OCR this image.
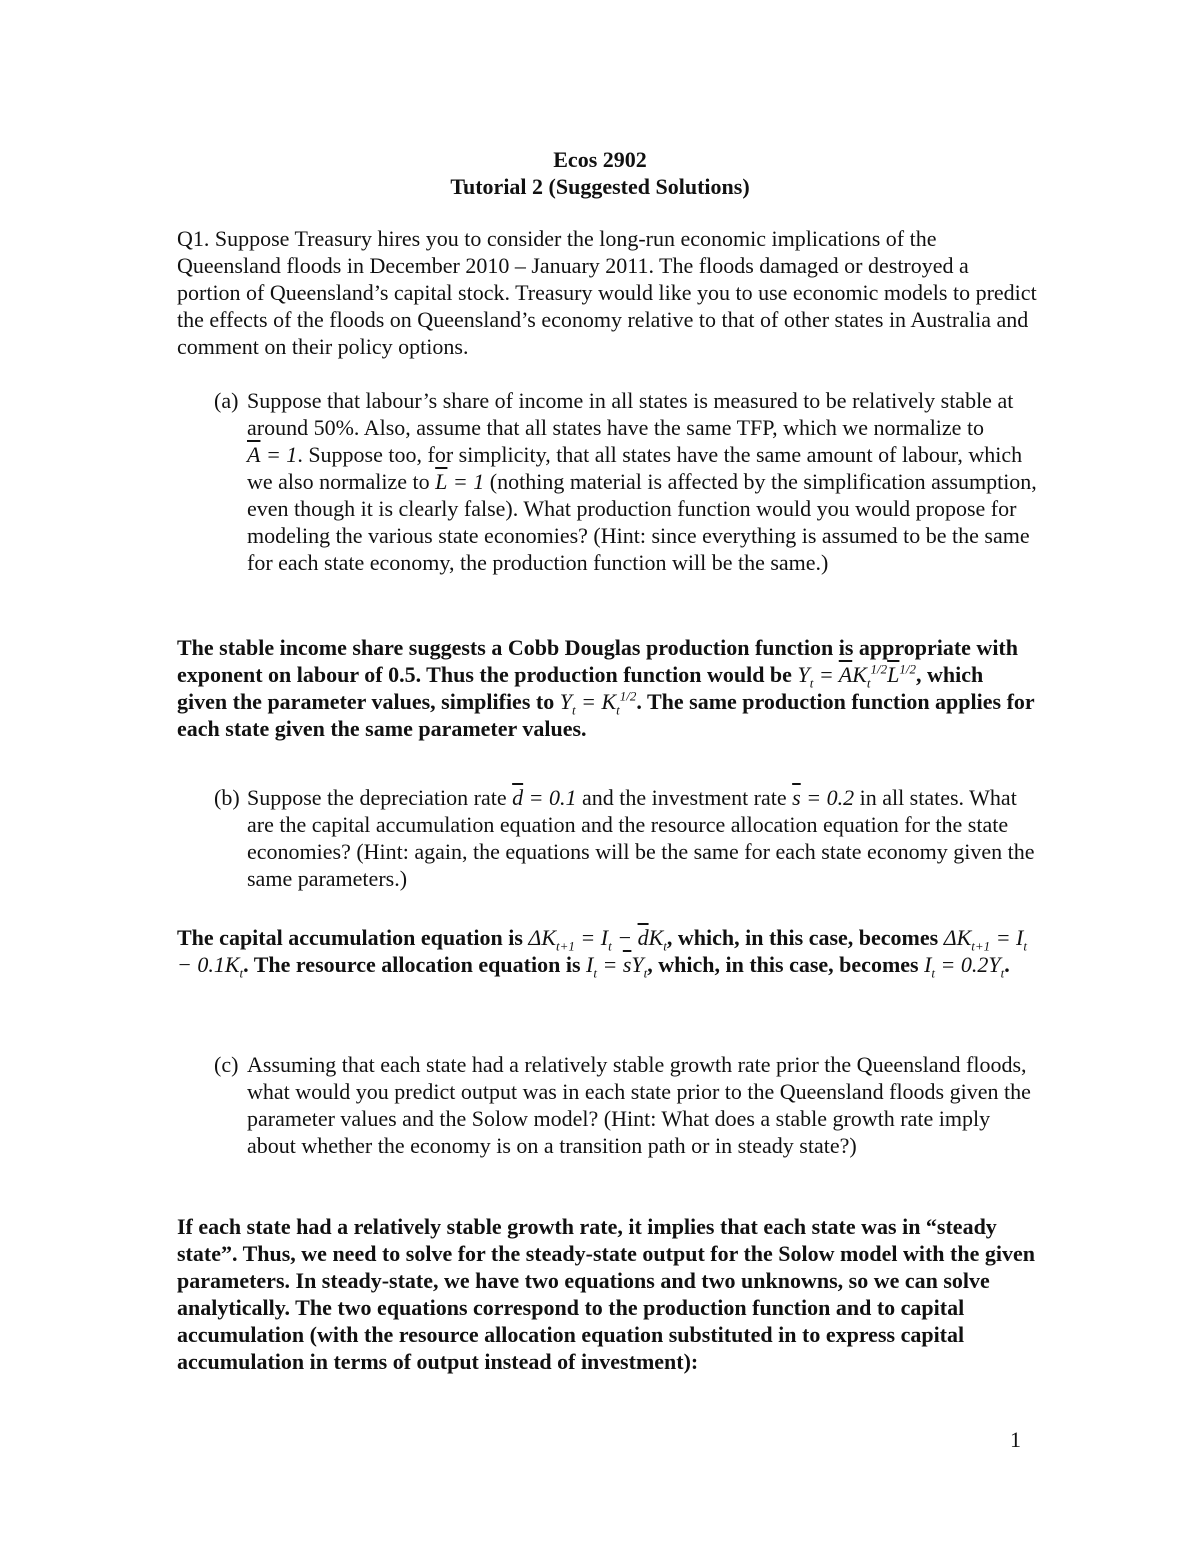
Ecos 2902
Tutorial 2 (Suggested Solutions)

Q1. Suppose Treasury hires you to consider the long-run economic implications of the Queensland floods in December 2010 – January 2011. The floods damaged or destroyed a portion of Queensland’s capital stock. Treasury would like you to use economic models to predict the effects of the floods on Queensland’s economy relative to that of other states in Australia and comment on their policy options.

(a) Suppose that labour’s share of income in all states is measured to be relatively stable at around 50%. Also, assume that all states have the same TFP, which we normalize to $\overline{A} = 1$. Suppose too, for simplicity, that all states have the same amount of labour, which we also normalize to $\overline{L} = 1$ (nothing material is affected by the simplification assumption, even though it is clearly false). What production function would you would propose for modeling the various state economies? (Hint: since everything is assumed to be the same for each state economy, the production function will be the same.)

The stable income share suggests a Cobb Douglas production function is appropriate with exponent on labour of 0.5. Thus the production function would be $Y_t = \overline{A}K_t^{1/2}\overline{L}^{1/2}$, which given the parameter values, simplifies to $Y_t = K_t^{1/2}$. The same production function applies for each state given the same parameter values.

(b) Suppose the depreciation rate $\overline{d} = 0.1$ and the investment rate $\overline{s} = 0.2$ in all states. What are the capital accumulation equation and the resource allocation equation for the state economies? (Hint: again, the equations will be the same for each state economy given the same parameters.)

The capital accumulation equation is $\Delta K_{t+1} = I_t - \overline{d}K_t$, which, in this case, becomes $\Delta K_{t+1} = I_t - 0.1K_t$. The resource allocation equation is $I_t = \overline{s}Y_t$, which, in this case, becomes $I_t = 0.2Y_t$.

(c) Assuming that each state had a relatively stable growth rate prior the Queensland floods, what would you predict output was in each state prior to the Queensland floods given the parameter values and the Solow model? (Hint: What does a stable growth rate imply about whether the economy is on a transition path or in steady state?)

If each state had a relatively stable growth rate, it implies that each state was in “steady state”. Thus, we need to solve for the steady-state output for the Solow model with the given parameters. In steady-state, we have two equations and two unknowns, so we can solve analytically. The two equations correspond to the production function and to capital accumulation (with the resource allocation equation substituted in to express capital accumulation in terms of output instead of investment):

1
